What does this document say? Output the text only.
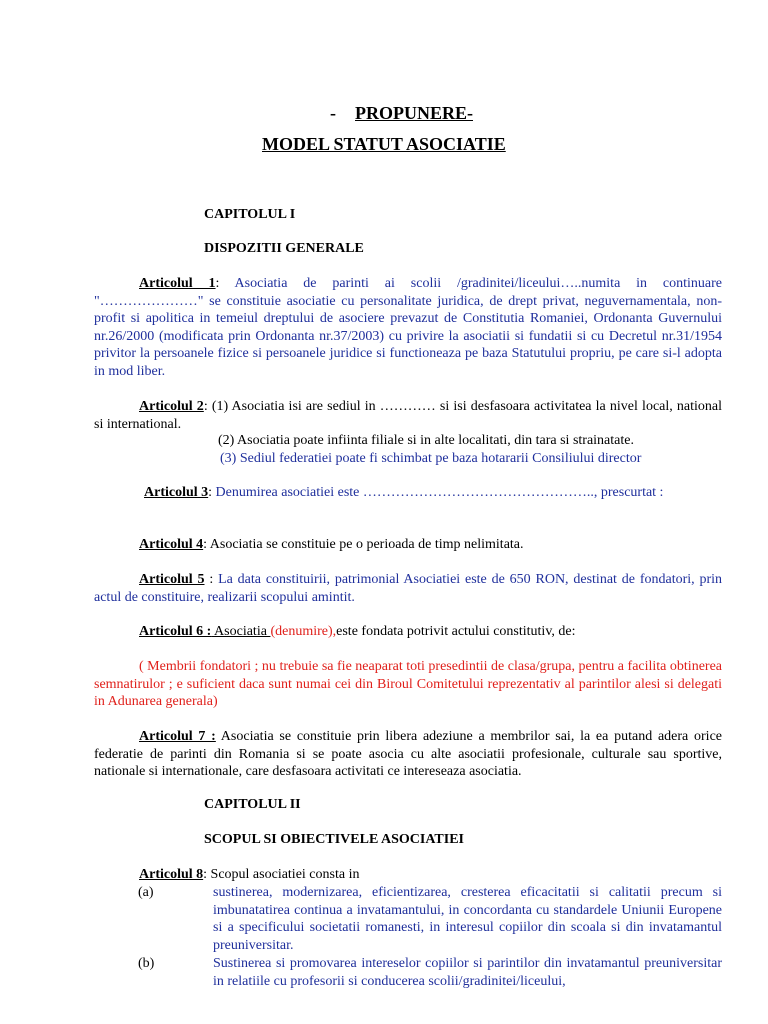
- PROPUNERE-
MODEL STATUT ASOCIATIE
CAPITOLUL I
DISPOZITII GENERALE
Articolul 1: Asociatia de parinti ai scolii /gradinitei/liceului…..numita in continuare "…………………" se constituie asociatie cu personalitate juridica, de drept privat, neguvernamentala, non-profit si apolitica in temeiul dreptului de asociere prevazut de Constitutia Romaniei, Ordonanta Guvernului nr.26/2000 (modificata prin Ordonanta nr.37/2003) cu privire la asociatii si fundatii si cu Decretul nr.31/1954 privitor la persoanele fizice si persoanele juridice si functioneaza pe baza Statutului propriu, pe care si-l adopta in mod liber.
Articolul 2: (1) Asociatia isi are sediul in ………… si isi desfasoara activitatea la nivel local, national si international.
(2) Asociatia poate infiinta filiale si in alte localitati, din tara si strainatate.
(3) Sediul federatiei poate fi schimbat pe baza hotararii Consiliului director
Articolul 3: Denumirea asociatiei este ………………………………………….., prescurtat :
Articolul 4: Asociatia se constituie pe o perioada de timp nelimitata.
Articolul 5 : La data constituirii, patrimonial Asociatiei este de 650 RON, destinat de fondatori, prin actul de constituire, realizarii scopului amintit.
Articolul 6 : Asociatia (denumire),este fondata potrivit actului constitutiv, de:
( Membrii fondatori ; nu trebuie sa fie neaparat toti presedintii de clasa/grupa, pentru a facilita obtinerea semnatirulor ; e suficient daca sunt numai cei din Biroul Comitetului reprezentativ al parintilor alesi si delegati in Adunarea generala)
Articolul 7 : Asociatia se constituie prin libera adeziune a membrilor sai, la ea putand adera orice federatie de parinti din Romania si se poate asocia cu alte asociatii profesionale, culturale sau sportive, nationale si internationale, care desfasoara activitati ce intereseaza asociatia.
CAPITOLUL II
SCOPUL SI OBIECTIVELE ASOCIATIEI
Articolul 8: Scopul asociatiei consta in
(a)	sustinerea, modernizarea, eficientizarea, cresterea eficacitatii si calitatii precum si imbunatatirea continua a invatamantului, in concordanta cu standardele Uniunii Europene si a specificului societatii romanesti, in interesul copiilor din scoala si din invatamantul preuniversitar.
(b)	Sustinerea si promovarea intereselor copiilor si parintilor din invatamantul preuniversitar in relatiile cu profesorii si conducerea scolii/gradinitei/liceului,
